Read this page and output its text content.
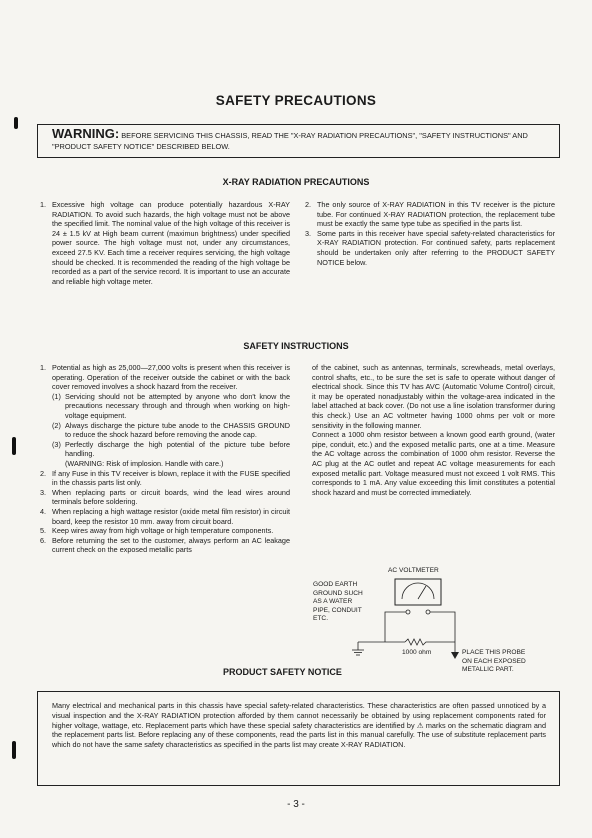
SAFETY PRECAUTIONS
WARNING: BEFORE SERVICING THIS CHASSIS, READ THE "X-RAY RADIATION PRECAUTIONS", "SAFETY INSTRUCTIONS" AND "PRODUCT SAFETY NOTICE" DESCRIBED BELOW.
X-RAY RADIATION PRECAUTIONS
1. Excessive high voltage can produce potentially hazardous X-RAY RADIATION. To avoid such hazards, the high voltage must not be above the specified limit. The nominal value of the high voltage of this receiver is 24 ± 1.5 kV at High beam current (maximun brightness) under specified power source. The high voltage must not, under any circumstances, exceed 27.5 KV. Each time a receiver requires servicing, the high voltage should be checked. It is recommended the reading of the high voltage be recorded as a part of the service record. It is important to use an accurate and reliable high voltage meter.
2. The only source of X-RAY RADIATION in this TV receiver is the picture tube. For continued X-RAY RADIATION protection, the replacement tube must be exactly the same type tube as specified in the parts list.
3. Some parts in this receiver have special safety-related characteristics for X-RAY RADIATION protection. For continued safety, parts replacement should be undertaken only after referring to the PRODUCT SAFETY NOTICE below.
SAFETY INSTRUCTIONS
1. Potential as high as 25,000—27,000 volts is present when this receiver is operating. Operation of the receiver outside the cabinet or with the back cover removed involves a shock hazard from the receiver.
(1) Servicing should not be attempted by anyone who don't know the precautions necessary through and through when working on high-voltage equipment.
(2) Always discharge the picture tube anode to the CHASSIS GROUND to reduce the shock hazard before removing the anode cap.
(3) Perfectly discharge the high potential of the picture tube before handling.
(WARNING: Risk of implosion. Handle with care.)
2. If any Fuse in this TV receiver is blown, replace it with the FUSE specified in the chassis parts list only.
3. When replacing parts or circuit boards, wind the lead wires around terminals before soldering.
4. When replacing a high wattage resistor (oxide metal film resistor) in circuit board, keep the resistor 10 mm. away from circuit board.
5. Keep wires away from high voltage or high temperature components.
6. Before returning the set to the customer, always perform an AC leakage current check on the exposed metallic parts

of the cabinet, such as antennas, terminals, screwheads, metal overlays, control shafts, etc., to be sure the set is safe to operate without danger of electrical shock. Since this TV has AVC (Automatic Volume Control) circuit, it may be operated nonadjustably within the voltage-area indicated in the label attached at back cover. (Do not use a line isolation transformer during this check.) Use an AC voltmeter having 1000 ohms per volt or more sensitivity in the following manner.

Connect a 1000 ohm resistor between a known good earth ground, (water pipe, conduit, etc.) and the exposed metallic parts, one at a time. Measure the AC voltage across the combination of 1000 ohm resistor. Reverse the AC plug at the AC outlet and repeat AC voltage measurements for each exposed metallic part. Voltage measured must not exceed 1 volt RMS. This corresponds to 1 mA. Any value exceeding this limit constitutes a potential shock hazard and must be corrected immediately.

AC VOLTMETER
GOOD EARTH
GROUND SUCH
AS A WATER
PIPE, CONDUIT
ETC.
1000 ohm	PLACE THIS PROBE
ON EACH EXPOSED
METALLIC PART.
PRODUCT SAFETY NOTICE
Many electrical and mechanical parts in this chassis have special safety-related characteristics. These characteristics are often passed unnoticed by a visual inspection and the X-RAY RADIATION protection afforded by them cannot necessarily be obtained by using replacement components rated for higher voltage, wattage, etc. Replacement parts which have these special safety characteristics are identified by ⚠ marks on the schematic diagram and the replacement parts list. Before replacing any of these components, read the parts list in this manual carefully. The use of substitute replacement parts which do not have the same safety characteristics as specified in the parts list may create X-RAY RADIATION.
- 3 -
